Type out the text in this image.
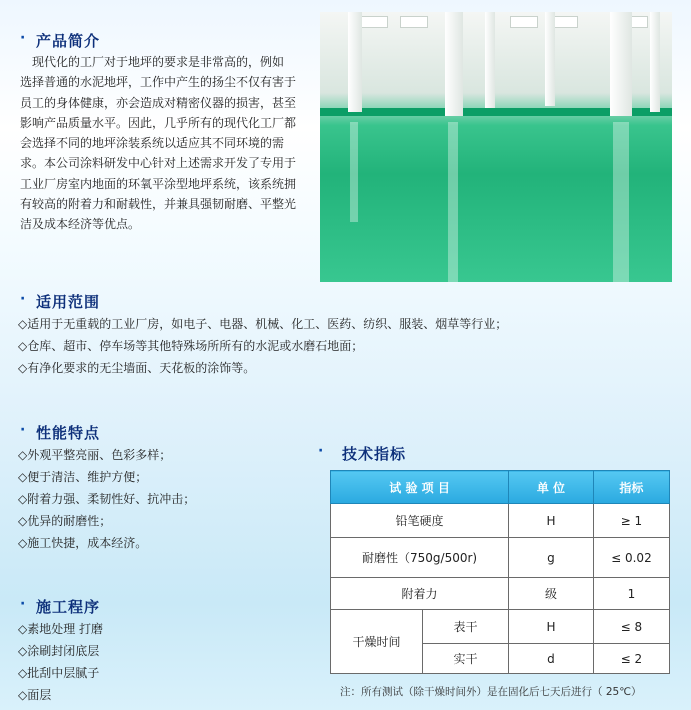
· 产品简介
　现代化的工厂对于地坪的要求是非常高的，例如
选择普通的水泥地坪，工作中产生的扬尘不仅有害于
员工的身体健康，亦会造成对精密仪器的损害，甚至
影响产品质量水平。因此，几乎所有的现代化工厂都
会选择不同的地坪涂装系统以适应其不同环境的需
求。本公司涂料研发中心针对上述需求开发了专用于
工业厂房室内地面的环氧平涂型地坪系统，该系统拥
有较高的附着力和耐载性，并兼具强韧耐磨、平整光
洁及成本经济等优点。
· 适用范围
◇适用于无重载的工业厂房，如电子、电器、机械、化工、医药、纺织、服装、烟草等行业；
◇仓库、超市、停车场等其他特殊场所所有的水泥或水磨石地面；
◇有净化要求的无尘墙面、天花板的涂饰等。
· 性能特点
◇外观平整亮丽、色彩多样；
◇便于清洁、维护方便；
◇附着力强、柔韧性好、抗冲击；
◇优异的耐磨性；
◇施工快捷，成本经济。
· 施工程序
◇素地处理 打磨
◇涂刷封闭底层
◇批刮中层腻子
◇面层
· 技术指标
试 验 项 目		单 位	指标
铅笔硬度		H	≥ 1
耐磨性（750g/500r)		g	≤ 0.02
附着力		级	1
干燥时间	表干	H	≤ 8
	实干	d	≤ 2
注：所有测试（除干燥时间外）是在固化后七天后进行（ 25℃）
